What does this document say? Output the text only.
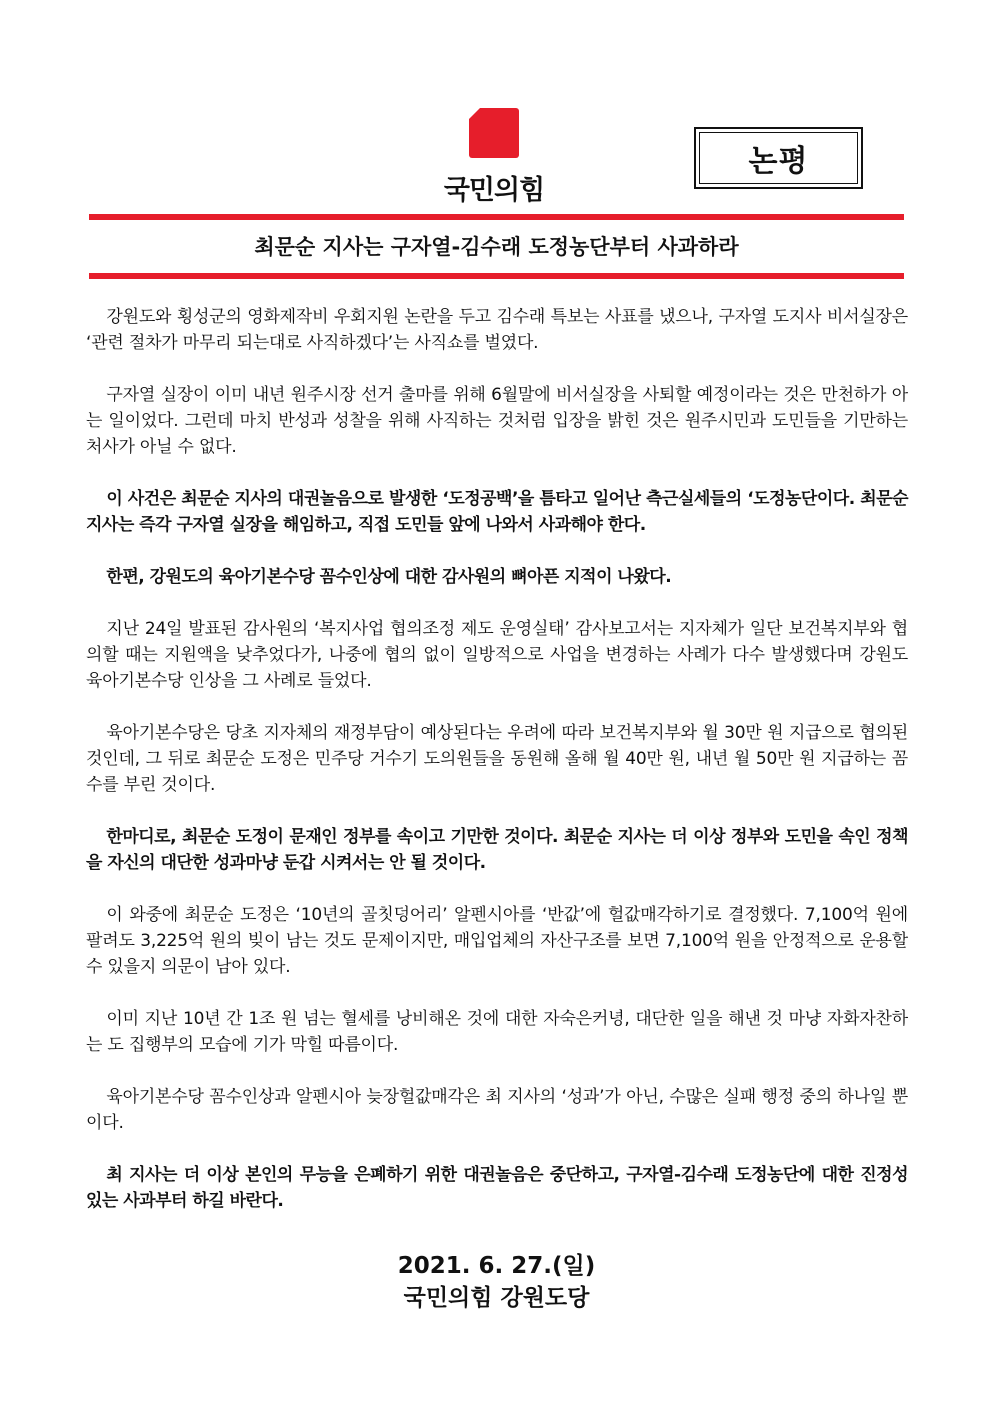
국민의힘
논평
최문순 지사는 구자열-김수래 도정농단부터 사과하라

강원도와 횡성군의 영화제작비 우회지원 논란을 두고 김수래 특보는 사표를 냈으나, 구자열 도지사 비서실장은 ‘관련 절차가 마무리 되는대로 사직하겠다’는 사직쇼를 벌였다.

구자열 실장이 이미 내년 원주시장 선거 출마를 위해 6월말에 비서실장을 사퇴할 예정이라는 것은 만천하가 아는 일이었다. 그런데 마치 반성과 성찰을 위해 사직하는 것처럼 입장을 밝힌 것은 원주시민과 도민들을 기만하는 처사가 아닐 수 없다.

이 사건은 최문순 지사의 대권놀음으로 발생한 ‘도정공백’을 틈타고 일어난 측근실세들의 ‘도정농단이다. 최문순 지사는 즉각 구자열 실장을 해임하고, 직접 도민들 앞에 나와서 사과해야 한다.

한편, 강원도의 육아기본수당 꼼수인상에 대한 감사원의 뼈아픈 지적이 나왔다.

지난 24일 발표된 감사원의 ‘복지사업 협의조정 제도 운영실태’ 감사보고서는 지자체가 일단 보건복지부와 협의할 때는 지원액을 낮추었다가, 나중에 협의 없이 일방적으로 사업을 변경하는 사례가 다수 발생했다며 강원도 육아기본수당 인상을 그 사례로 들었다.

육아기본수당은 당초 지자체의 재정부담이 예상된다는 우려에 따라 보건복지부와 월 30만 원 지급으로 협의된 것인데, 그 뒤로 최문순 도정은 민주당 거수기 도의원들을 동원해 올해 월 40만 원, 내년 월 50만 원 지급하는 꼼수를 부린 것이다.

한마디로, 최문순 도정이 문재인 정부를 속이고 기만한 것이다. 최문순 지사는 더 이상 정부와 도민을 속인 정책을 자신의 대단한 성과마냥 둔갑 시켜서는 안 될 것이다.

이 와중에 최문순 도정은 ‘10년의 골칫덩어리’ 알펜시아를 ‘반값’에 헐값매각하기로 결정했다. 7,100억 원에 팔려도 3,225억 원의 빚이 남는 것도 문제이지만, 매입업체의 자산구조를 보면 7,100억 원을 안정적으로 운용할 수 있을지 의문이 남아 있다.

이미 지난 10년 간 1조 원 넘는 혈세를 낭비해온 것에 대한 자숙은커녕, 대단한 일을 해낸 것 마냥 자화자찬하는 도 집행부의 모습에 기가 막힐 따름이다.

육아기본수당 꼼수인상과 알펜시아 늦장헐값매각은 최 지사의 ‘성과’가 아닌, 수많은 실패 행정 중의 하나일 뿐이다.

최 지사는 더 이상 본인의 무능을 은폐하기 위한 대권놀음은 중단하고, 구자열-김수래 도정농단에 대한 진정성 있는 사과부터 하길 바란다.

2021. 6. 27.(일)
국민의힘 강원도당
